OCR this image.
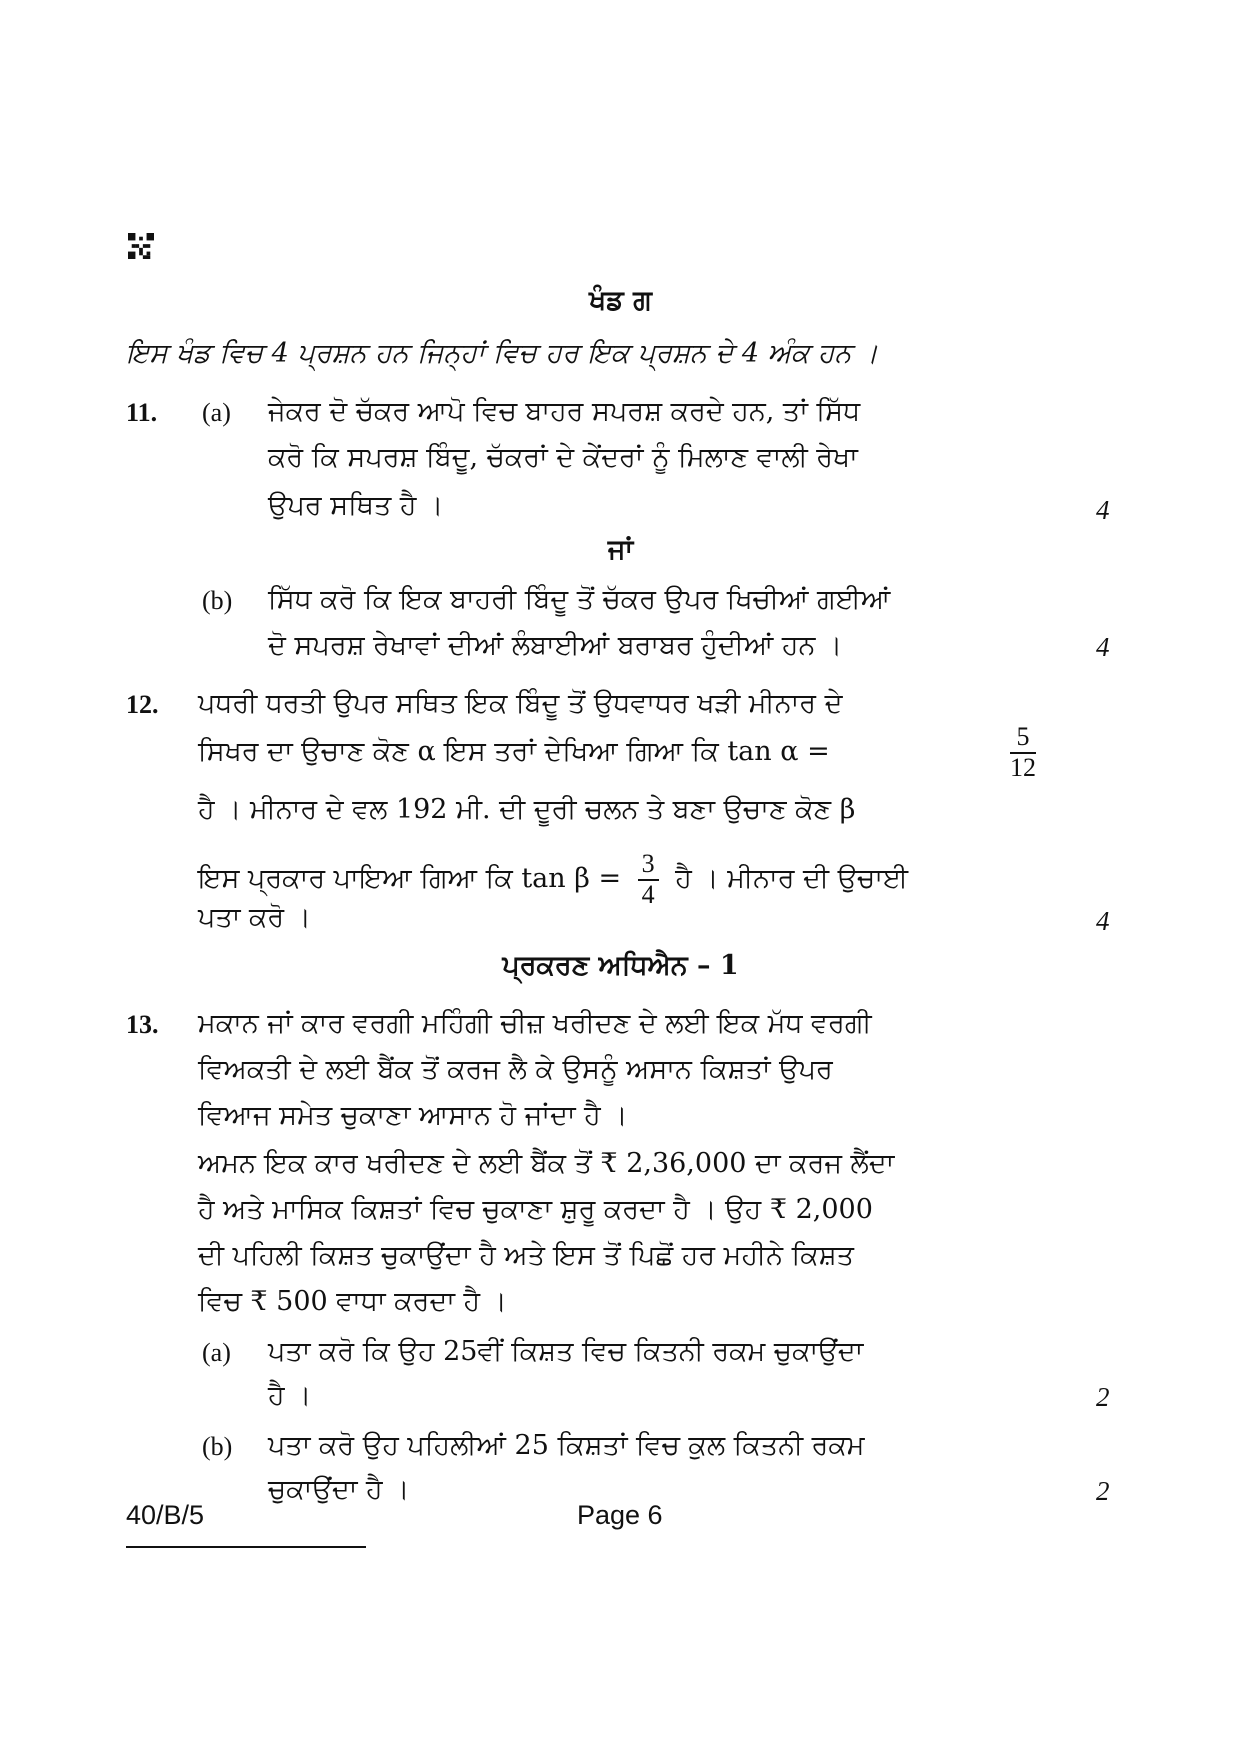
ਖੰਡ ਗ
ਇਸ ਖੰਡ ਵਿਚ 4 ਪ੍ਰਸ਼ਨ ਹਨ ਜਿਨ੍ਹਾਂ ਵਿਚ ਹਰ ਇਕ ਪ੍ਰਸ਼ਨ ਦੇ 4 ਅੰਕ ਹਨ ।
11. (a) ਜੇਕਰ ਦੋ ਚੱਕਰ ਆਪੋ ਵਿਚ ਬਾਹਰ ਸਪਰਸ਼ ਕਰਦੇ ਹਨ, ਤਾਂ ਸਿੱਧ
ਕਰੋ ਕਿ ਸਪਰਸ਼ ਬਿੰਦੂ, ਚੱਕਰਾਂ ਦੇ ਕੇਂਦਰਾਂ ਨੂੰ ਮਿਲਾਣ ਵਾਲੀ ਰੇਖਾ
ਉਪਰ ਸਥਿਤ ਹੈ ।	4
ਜਾਂ
(b) ਸਿੱਧ ਕਰੋ ਕਿ ਇਕ ਬਾਹਰੀ ਬਿੰਦੂ ਤੋਂ ਚੱਕਰ ਉਪਰ ਖਿਚੀਆਂ ਗਈਆਂ
ਦੋ ਸਪਰਸ਼ ਰੇਖਾਵਾਂ ਦੀਆਂ ਲੰਬਾਈਆਂ ਬਰਾਬਰ ਹੁੰਦੀਆਂ ਹਨ ।	4
12. ਪਧਰੀ ਧਰਤੀ ਉਪਰ ਸਥਿਤ ਇਕ ਬਿੰਦੂ ਤੋਂ ਉਧਵਾਧਰ ਖੜੀ ਮੀਨਾਰ ਦੇ
ਸਿਖਰ ਦਾ ਉਚਾਣ ਕੋਣ α ਇਸ ਤਰਾਂ ਦੇਖਿਆ ਗਿਆ ਕਿ tan α =	$\frac{5}{12}$
ਹੈ । ਮੀਨਾਰ ਦੇ ਵਲ 192 ਮੀ. ਦੀ ਦੂਰੀ ਚਲਨ ਤੇ ਬਣਾ ਉਚਾਣ ਕੋਣ β
ਇਸ ਪ੍ਰਕਾਰ ਪਾਇਆ ਗਿਆ ਕਿ $\tan \beta = \frac{3}{4}$ ਹੈ । ਮੀਨਾਰ ਦੀ ਉਚਾਈ
ਪਤਾ ਕਰੋ ।	4
ਪ੍ਰਕਰਣ ਅਧਿਐਨ – 1
13. ਮਕਾਨ ਜਾਂ ਕਾਰ ਵਰਗੀ ਮਹਿੰਗੀ ਚੀਜ਼ ਖਰੀਦਣ ਦੇ ਲਈ ਇਕ ਮੱਧ ਵਰਗੀ
ਵਿਅਕਤੀ ਦੇ ਲਈ ਬੈਂਕ ਤੋਂ ਕਰਜ ਲੈ ਕੇ ਉਸਨੂੰ ਅਸਾਨ ਕਿਸ਼ਤਾਂ ਉਪਰ
ਵਿਆਜ ਸਮੇਤ ਚੁਕਾਣਾ ਆਸਾਨ ਹੋ ਜਾਂਦਾ ਹੈ ।
ਅਮਨ ਇਕ ਕਾਰ ਖਰੀਦਣ ਦੇ ਲਈ ਬੈਂਕ ਤੋਂ ₹ 2,36,000 ਦਾ ਕਰਜ ਲੈਂਦਾ
ਹੈ ਅਤੇ ਮਾਸਿਕ ਕਿਸ਼ਤਾਂ ਵਿਚ ਚੁਕਾਣਾ ਸ਼ੁਰੂ ਕਰਦਾ ਹੈ । ਉਹ ₹ 2,000
ਦੀ ਪਹਿਲੀ ਕਿਸ਼ਤ ਚੁਕਾਉਂਦਾ ਹੈ ਅਤੇ ਇਸ ਤੋਂ ਪਿਛੋਂ ਹਰ ਮਹੀਨੇ ਕਿਸ਼ਤ
ਵਿਚ ₹ 500 ਵਾਧਾ ਕਰਦਾ ਹੈ ।
(a) ਪਤਾ ਕਰੋ ਕਿ ਉਹ 25ਵੀਂ ਕਿਸ਼ਤ ਵਿਚ ਕਿਤਨੀ ਰਕਮ ਚੁਕਾਉਂਦਾ
ਹੈ ।	2
(b) ਪਤਾ ਕਰੋ ਉਹ ਪਹਿਲੀਆਂ 25 ਕਿਸ਼ਤਾਂ ਵਿਚ ਕੁਲ ਕਿਤਨੀ ਰਕਮ
ਚੁਕਾਉਂਦਾ ਹੈ ।	2
40/B/5	Page 6
